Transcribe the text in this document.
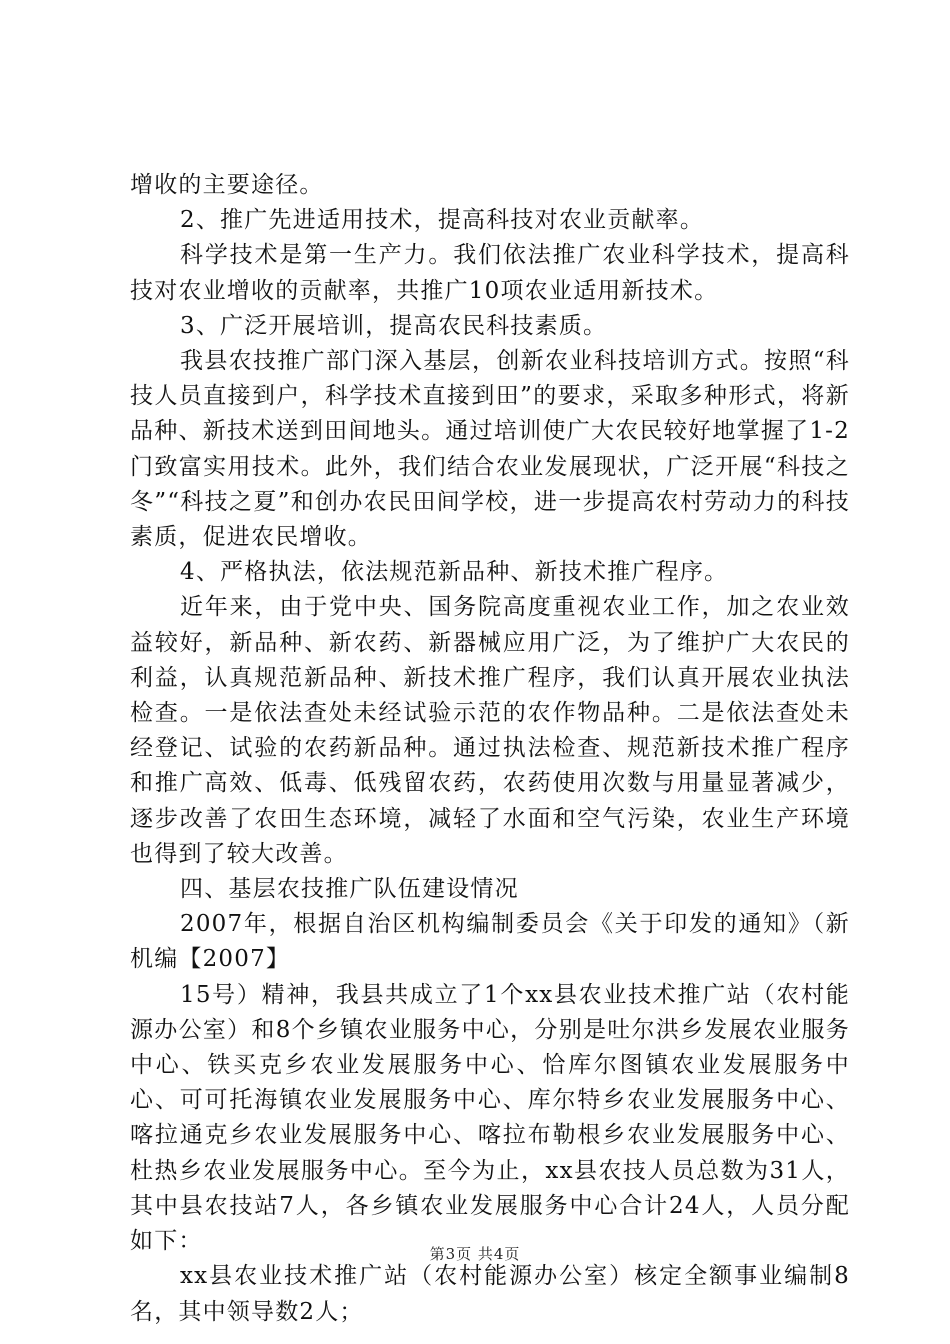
增收的主要途径。

2、推广先进适用技术，提高科技对农业贡献率。

科学技术是第一生产力。我们依法推广农业科学技术，提高科技对农业增收的贡献率，共推广10项农业适用新技术。

3、广泛开展培训，提高农民科技素质。

我县农技推广部门深入基层，创新农业科技培训方式。按照“科技人员直接到户，科学技术直接到田”的要求，采取多种形式，将新品种、新技术送到田间地头。通过培训使广大农民较好地掌握了1-2门致富实用技术。此外，我们结合农业发展现状，广泛开展“科技之冬”“科技之夏”和创办农民田间学校，进一步提高农村劳动力的科技素质，促进农民增收。

4、严格执法，依法规范新品种、新技术推广程序。

近年来，由于党中央、国务院高度重视农业工作，加之农业效益较好，新品种、新农药、新器械应用广泛，为了维护广大农民的利益，认真规范新品种、新技术推广程序，我们认真开展农业执法检查。一是依法查处未经试验示范的农作物品种。二是依法查处未经登记、试验的农药新品种。通过执法检查、规范新技术推广程序和推广高效、低毒、低残留农药，农药使用次数与用量显著减少，逐步改善了农田生态环境，减轻了水面和空气污染，农业生产环境也得到了较大改善。

四、基层农技推广队伍建设情况

2007年，根据自治区机构编制委员会《关于印发的通知》（新机编【2007】

15号）精神，我县共成立了1个xx县农业技术推广站（农村能源办公室）和8个乡镇农业服务中心，分别是吐尔洪乡发展农业服务中心、铁买克乡农业发展服务中心、恰库尔图镇农业发展服务中心、可可托海镇农业发展服务中心、库尔特乡农业发展服务中心、喀拉通克乡农业发展服务中心、喀拉布勒根乡农业发展服务中心、杜热乡农业发展服务中心。至今为止，xx县农技人员总数为31人，其中县农技站7人，各乡镇农业发展服务中心合计24人，人员分配如下：

xx县农业技术推广站（农村能源办公室）核定全额事业编制8名，其中领导数2人；

第3页 共4页
